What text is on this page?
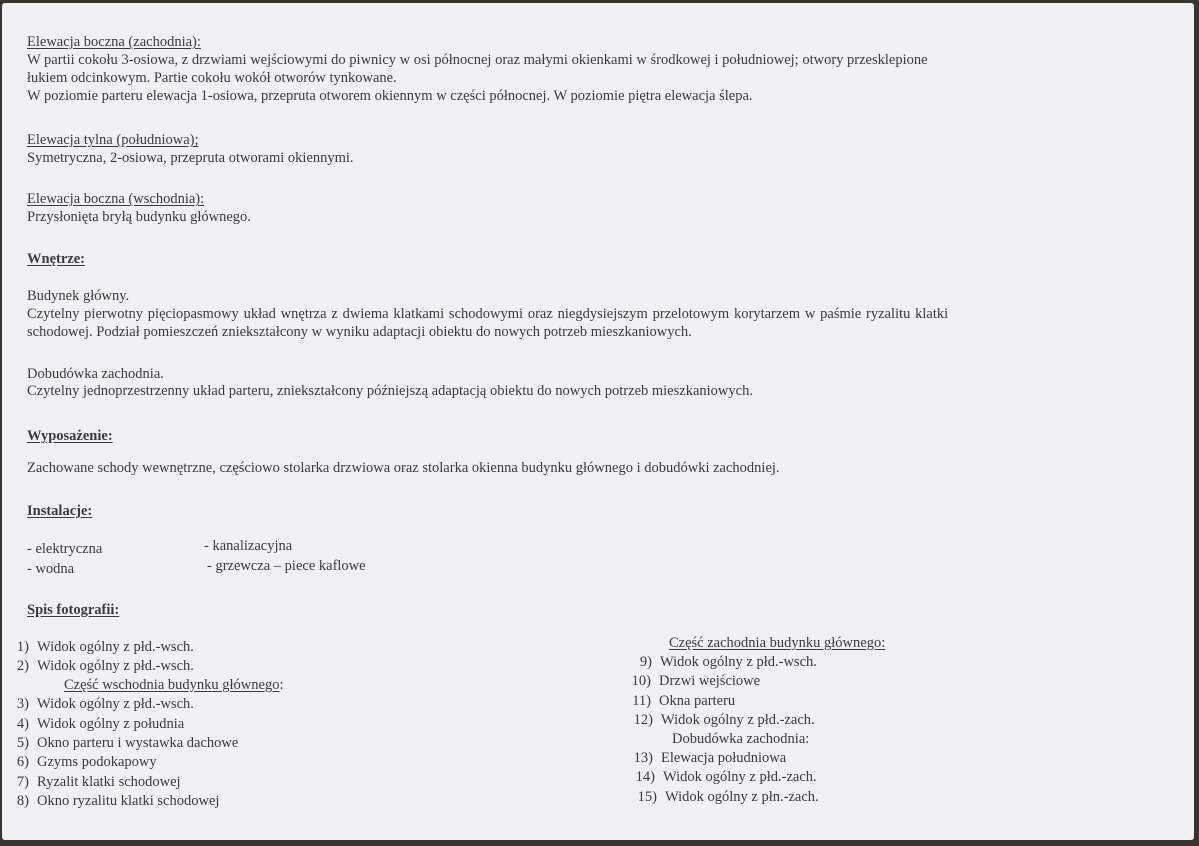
Elewacja boczna (zachodnia):
W partii cokołu 3-osiowa, z drzwiami wejściowymi do piwnicy w osi północnej oraz małymi okienkami w środkowej i południowej; otwory przesklepione
łukiem odcinkowym. Partie cokołu wokół otworów tynkowane.
W poziomie parteru elewacja 1-osiowa, przepruta otworem okiennym w części północnej. W poziomie piętra elewacja ślepa.
Elewacja tylna (południowa);
Symetryczna, 2-osiowa, przepruta otworami okiennymi.
Elewacja boczna (wschodnia):
Przysłonięta bryłą budynku głównego.
Wnętrze:
Budynek główny.
Czytelny pierwotny pięciopasmowy układ wnętrza z dwiema klatkami schodowymi oraz niegdysiejszym przelotowym korytarzem w paśmie ryzalitu klatki
schodowej. Podział pomieszczeń zniekształcony w wyniku adaptacji obiektu do nowych potrzeb mieszkaniowych.
Dobudówka zachodnia.
Czytelny jednoprzestrzenny układ parteru, zniekształcony późniejszą adaptacją obiektu do nowych potrzeb mieszkaniowych.
Wyposażenie:
Zachowane schody wewnętrzne, częściowo stolarka drzwiowa oraz stolarka okienna budynku głównego i dobudówki zachodniej.
Instalacje:
- elektryczna
- wodna
- kanalizacyjna
- grzewcza – piece kaflowe
Spis fotografii:
1) Widok ogólny z płd.-wsch.
2) Widok ogólny z płd.-wsch.
Część wschodnia budynku głównego:
3) Widok ogólny z płd.-wsch.
4) Widok ogólny z południa
5) Okno parteru i wystawka dachowe
6) Gzyms podokapowy
7) Ryzalit klatki schodowej
8) Okno ryzalitu klatki schodowej
Część zachodnia budynku głównego:
9) Widok ogólny z płd.-wsch.
10) Drzwi wejściowe
11) Okna parteru
12) Widok ogólny z płd.-zach.
Dobudówka zachodnia:
13) Elewacja południowa
14) Widok ogólny z płd.-zach.
15) Widok ogólny z płn.-zach.
